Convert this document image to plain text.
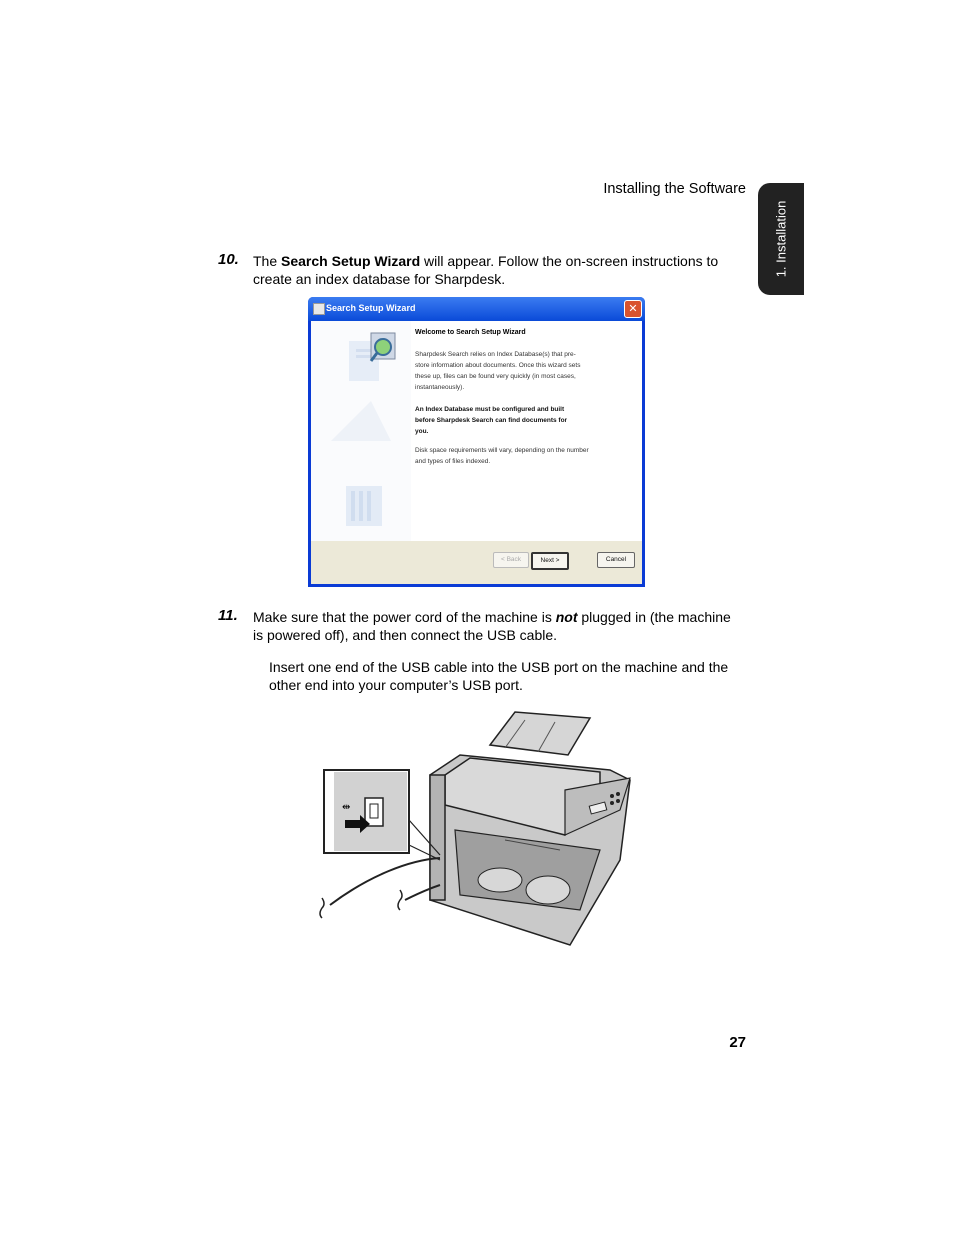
Installing the Software
1. Installation
10. The Search Setup Wizard will appear. Follow the on-screen instructions to
create an index database for Sharpdesk.
Search Setup Wizard	✕
Welcome to Search Setup Wizard
Sharpdesk Search relies on Index Database(s) that pre-
store information about documents. Once this wizard sets
these up, files can be found very quickly (in most cases,
instantaneously).
An Index Database must be configured and built
before Sharpdesk Search can find documents for
you.
Disk space requirements will vary, depending on the number
and types of files indexed.
< Back	Next >	Cancel
11. Make sure that the power cord of the machine is not plugged in (the machine
is powered off), and then connect the USB cable.
Insert one end of the USB cable into the USB port on the machine and the
other end into your computer’s USB port.
⇹
27
